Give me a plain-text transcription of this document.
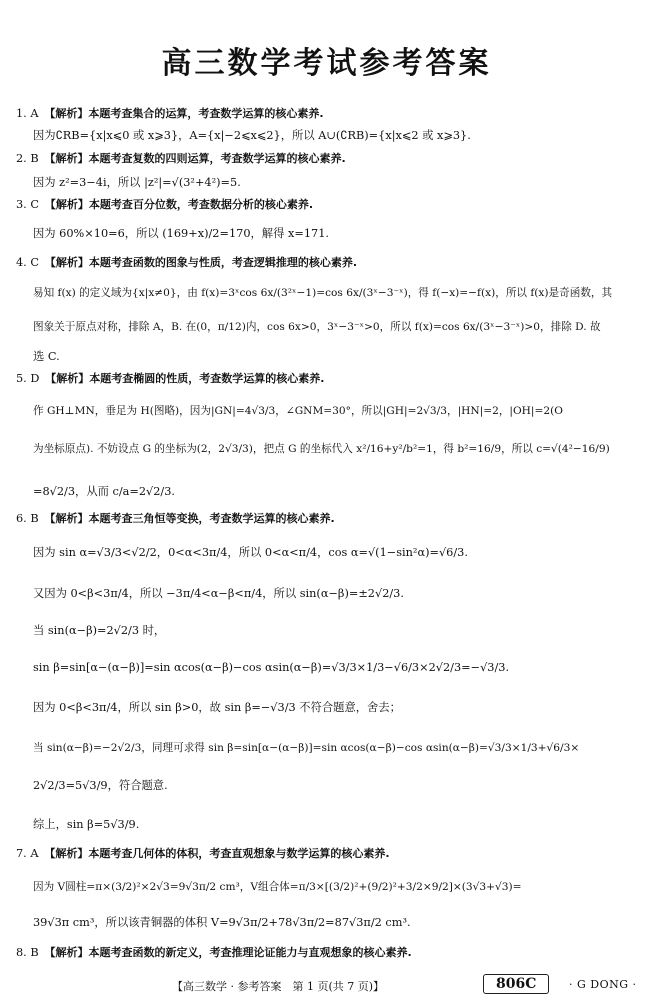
高三数学考试参考答案
1. A　 【解析】本题考查集合的运算，考查数学运算的核心素养.
因为∁RB={x|x⩽0 或 x⩾3}，A={x|−2⩽x⩽2}，所以 A∪(∁RB)={x|x⩽2 或 x⩾3}.
2. B　 【解析】本题考查复数的四则运算，考查数学运算的核心素养.
因为 z²=3−4i，所以 |z²|=√(3²+4²)=5.
3. C　 【解析】本题考查百分位数，考查数据分析的核心素养.
因为 60%×10=6，所以 (169+x)/2=170，解得 x=171.
4. C　 【解析】本题考查函数的图象与性质，考查逻辑推理的核心素养.
易知 f(x) 的定义域为{x|x≠0}，由 f(x)=3ˣcos 6x/(3²ˣ−1)=cos 6x/(3ˣ−3⁻ˣ)，得 f(−x)=−f(x)，所以 f(x)是奇函数，其
图象关于原点对称，排除 A，B. 在(0，π/12)内，cos 6x>0，3ˣ−3⁻ˣ>0，所以 f(x)=cos 6x/(3ˣ−3⁻ˣ)>0，排除 D. 故
选 C.
5. D　 【解析】本题考查椭圆的性质，考查数学运算的核心素养.
作 GH⊥MN，垂足为 H(图略)，因为|GN|=4√3/3，∠GNM=30°，所以|GH|=2√3/3，|HN|=2，|OH|=2(O
为坐标原点). 不妨设点 G 的坐标为(2，2√3/3)，把点 G 的坐标代入 x²/16+y²/b²=1，得 b²=16/9，所以 c=√(4²−16/9)
=8√2/3，从而 c/a=2√2/3.
6. B　 【解析】本题考查三角恒等变换，考查数学运算的核心素养.
因为 sin α=√3/3<√2/2，0<α<3π/4，所以 0<α<π/4，cos α=√(1−sin²α)=√6/3.
又因为 0<β<3π/4，所以 −3π/4<α−β<π/4，所以 sin(α−β)=±2√2/3.
当 sin(α−β)=2√2/3 时，
sin β=sin[α−(α−β)]=sin αcos(α−β)−cos αsin(α−β)=√3/3×1/3−√6/3×2√2/3=−√3/3.
因为 0<β<3π/4，所以 sin β>0，故 sin β=−√3/3 不符合题意，舍去；
当 sin(α−β)=−2√2/3，同理可求得 sin β=sin[α−(α−β)]=sin αcos(α−β)−cos αsin(α−β)=√3/3×1/3+√6/3×
2√2/3=5√3/9，符合题意.
综上，sin β=5√3/9.
7. A　 【解析】本题考查几何体的体积，考查直观想象与数学运算的核心素养.
因为 V圆柱=π×(3/2)²×2√3=9√3π/2 cm³，V组合体=π/3×[(3/2)²+(9/2)²+3/2×9/2]×(3√3+√3)=
39√3π cm³，所以该青铜器的体积 V=9√3π/2+78√3π/2=87√3π/2 cm³.
8. B　 【解析】本题考查函数的新定义，考查推理论证能力与直观想象的核心素养.
【高三数学 · 参考答案　第 1 页(共 7 页)】	806C	· G DONG ·
